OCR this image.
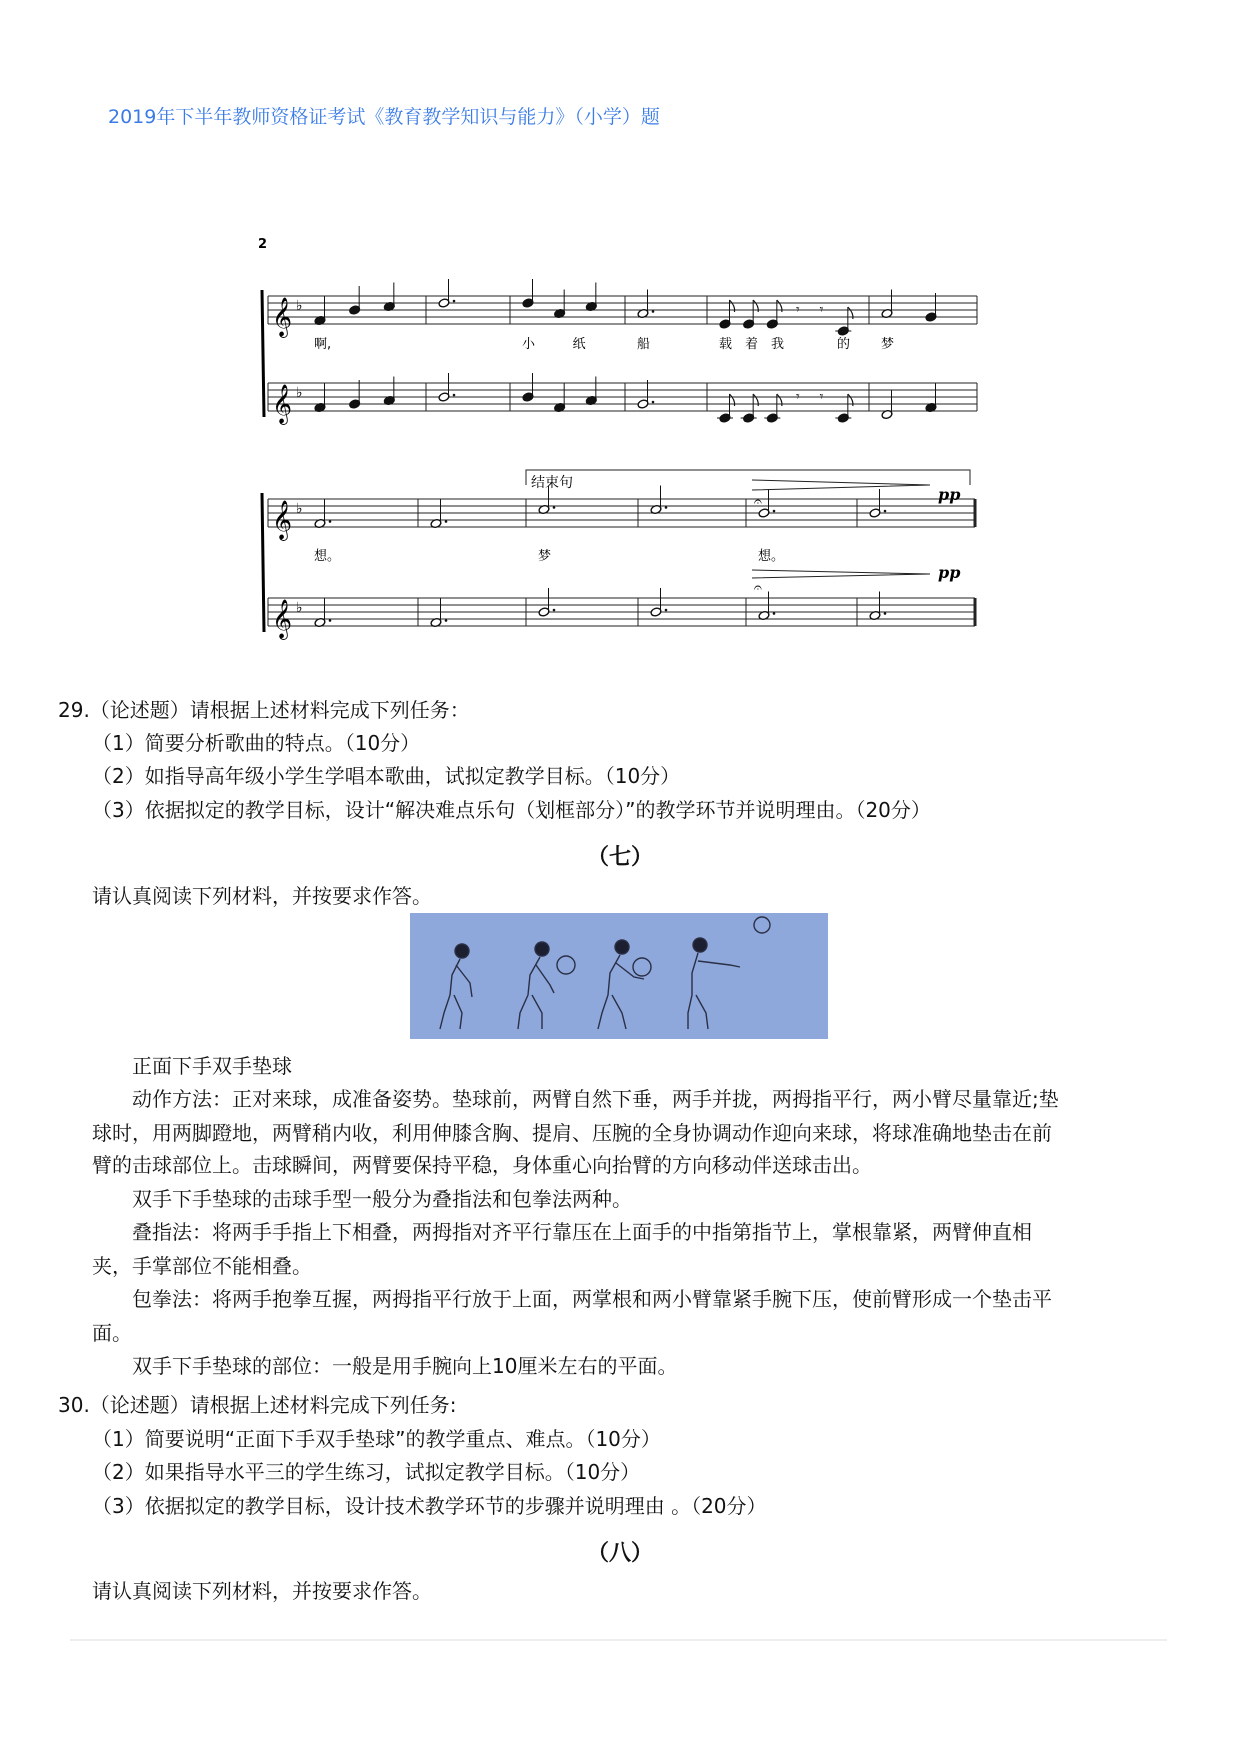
2019年下半年教师资格证考试《教育教学知识与能力》（小学）题
2
𝄞 ♭	𝄾 𝄾
𝄞 ♭	𝄾 𝄾
啊,	小	纸	船	载 着 我	的 梦
𝄞 ♭
𝄞 ♭
想。	梦	想。
结束句
pp
pp
𝄐
𝄐
29.（论述题）请根据上述材料完成下列任务：
（1）简要分析歌曲的特点。（10分）
（2）如指导高年级小学生学唱本歌曲，试拟定教学目标。（10分）
（3）依据拟定的教学目标，设计“解决难点乐句（划框部分）”的教学环节并说明理由。（20分）
（七）
请认真阅读下列材料，并按要求作答。
正面下手双手垫球
动作方法：正对来球，成准备姿势。垫球前，两臂自然下垂，两手并拢，两拇指平行，两小臂尽量靠近;垫
球时，用两脚蹬地，两臂稍内收，利用伸膝含胸、提肩、压腕的全身协调动作迎向来球，将球准确地垫击在前
臂的击球部位上。击球瞬间，两臂要保持平稳，身体重心向抬臂的方向移动伴送球击出。
双手下手垫球的击球手型一般分为叠指法和包拳法两种。
叠指法：将两手手指上下相叠，两拇指对齐平行靠压在上面手的中指第指节上，掌根靠紧，两臂伸直相
夹，手掌部位不能相叠。
包拳法：将两手抱拳互握，两拇指平行放于上面，两掌根和两小臂靠紧手腕下压，使前臂形成一个垫击平
面。
双手下手垫球的部位：一般是用手腕向上10厘米左右的平面。
30.（论述题）请根据上述材料完成下列任务:
（1）简要说明“正面下手双手垫球”的教学重点、难点。（10分）
（2）如果指导水平三的学生练习，试拟定教学目标。（10分）
（3）依据拟定的教学目标，设计技术教学环节的步骤并说明理由 。（20分）
（八）
请认真阅读下列材料，并按要求作答。
